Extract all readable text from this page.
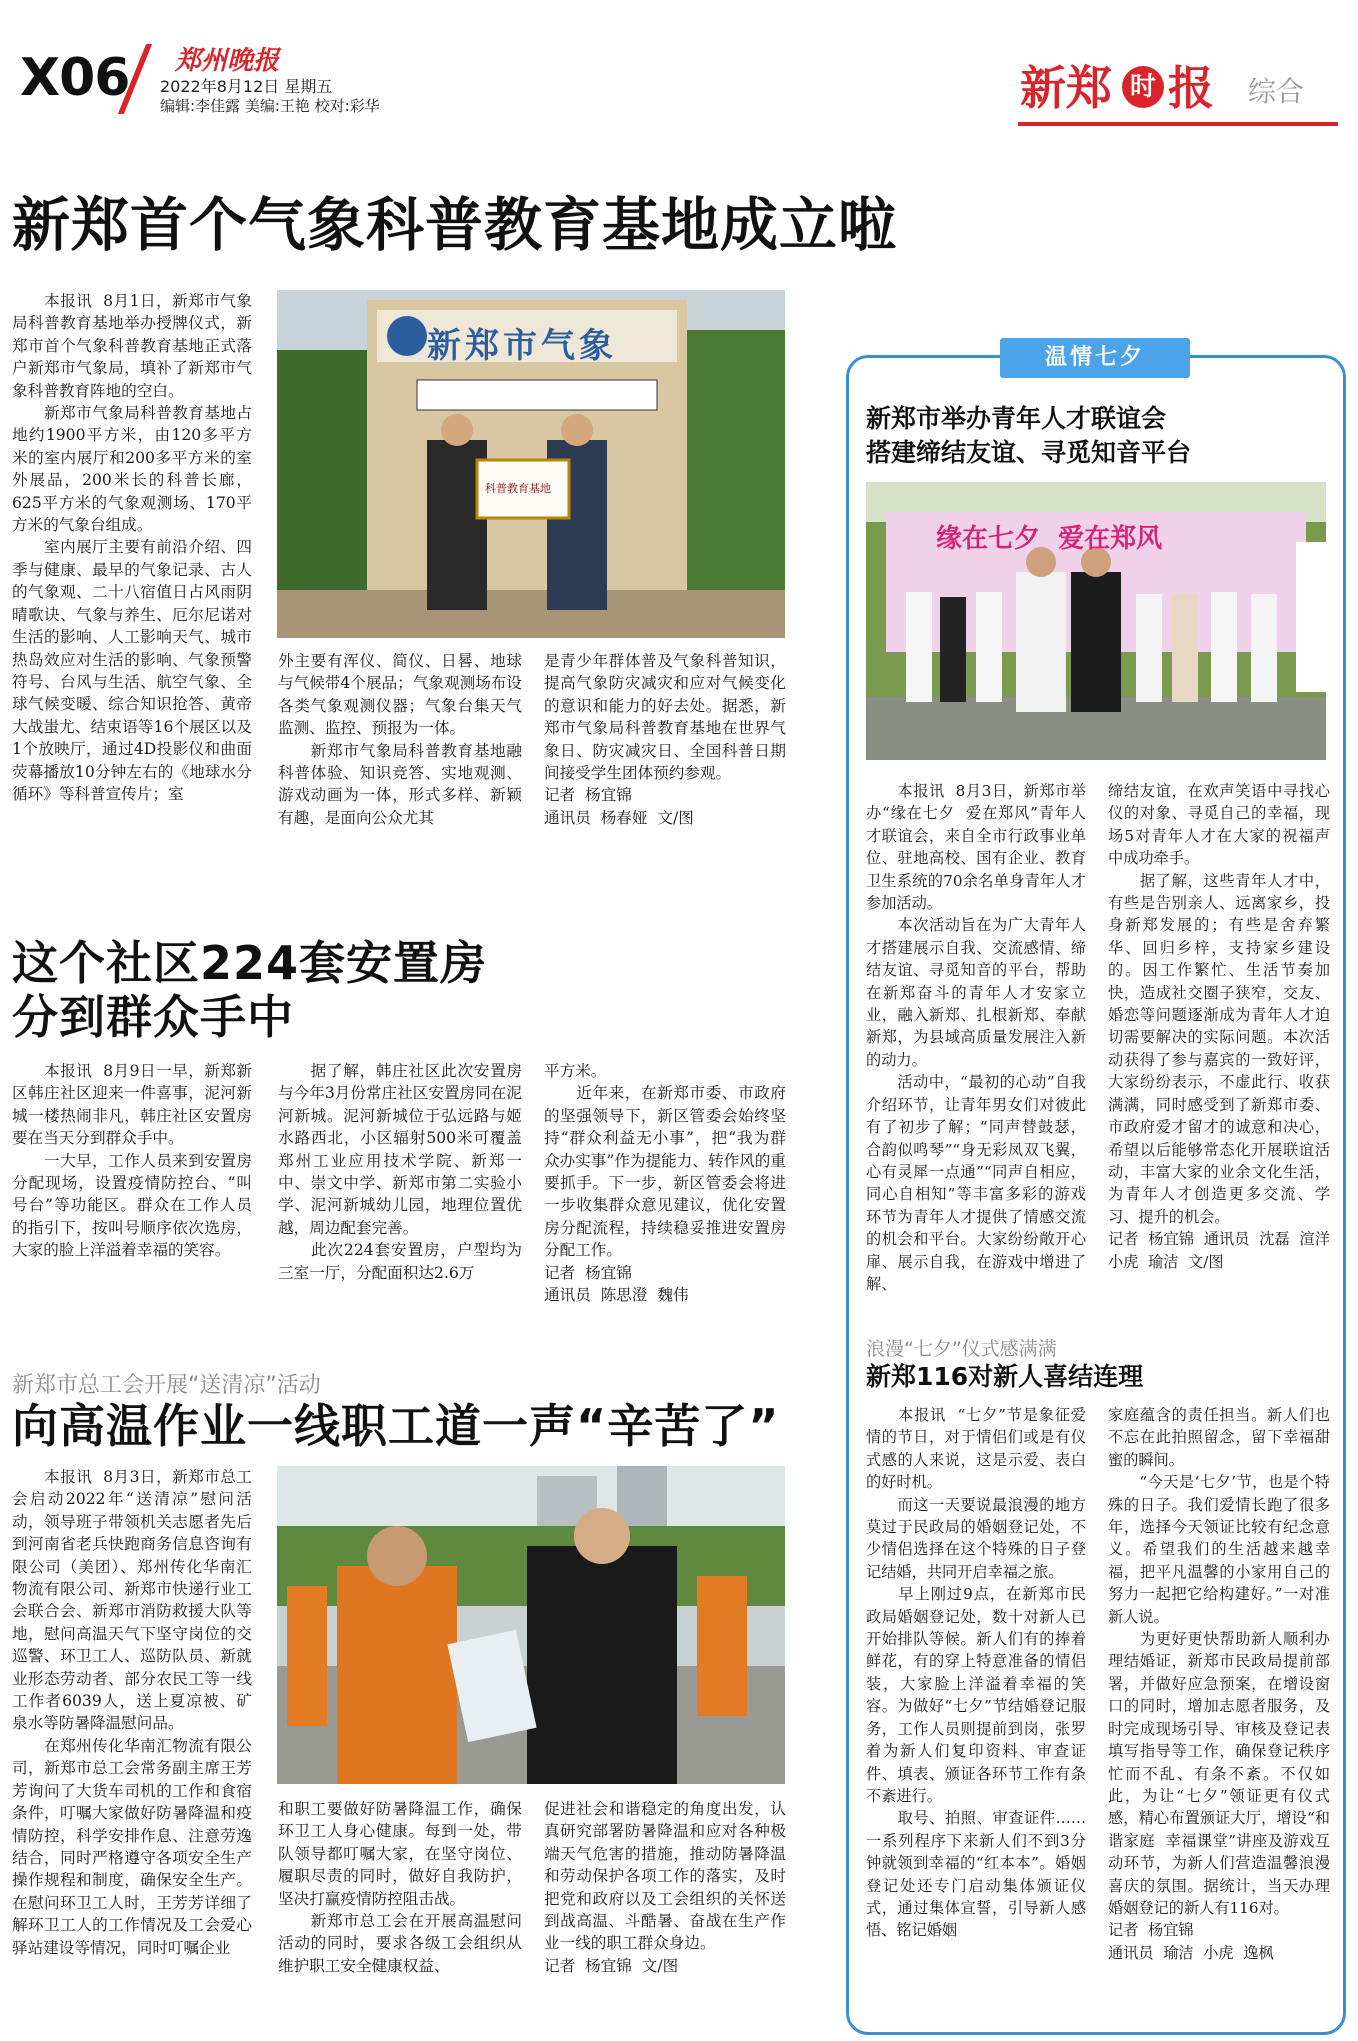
X06 郑州晚报
2022年8月12日 星期五
编辑:李佳露 美编:王艳 校对:彩华	新郑 时 报 综合
新郑首个气象科普教育基地成立啦
　　本报讯  8月1日，新郑市气象局科普教育基地举办授牌仪式，新郑市首个气象科普教育基地正式落户新郑市气象局，填补了新郑市气象科普教育阵地的空白。
　　新郑市气象局科普教育基地占地约1900平方米，由120多平方米的室内展厅和200多平方米的室外展品，200米长的科普长廊，625平方米的气象观测场、170平方米的气象台组成。
　　室内展厅主要有前沿介绍、四季与健康、最早的气象记录、古人的气象观、二十八宿值日占风雨阴晴歌诀、气象与养生、厄尔尼诺对生活的影响、人工影响天气、城市热岛效应对生活的影响、气象预警符号、台风与生活、航空气象、全球气候变暖、综合知识抢答、黄帝大战蚩尤、结束语等16个展区以及1个放映厅，通过4D投影仪和曲面荧幕播放10分钟左右的《地球水分循环》等科普宣传片；室
新郑市气象
科普教育基地
外主要有浑仪、简仪、日晷、地球与气候带4个展品；气象观测场布设各类气象观测仪器；气象台集天气监测、监控、预报为一体。
　　新郑市气象局科普教育基地融科普体验、知识竞答、实地观测、游戏动画为一体，形式多样、新颖有趣，是面向公众尤其
是青少年群体普及气象科普知识，提高气象防灾减灾和应对气候变化的意识和能力的好去处。据悉，新郑市气象局科普教育基地在世界气象日、防灾减灾日、全国科普日期间接受学生团体预约参观。
记者  杨宜锦
通讯员  杨春娅  文/图
这个社区224套安置房
分到群众手中
　　本报讯  8月9日一早，新郑新区韩庄社区迎来一件喜事，泥河新城一楼热闹非凡，韩庄社区安置房要在当天分到群众手中。
　　一大早，工作人员来到安置房分配现场，设置疫情防控台、“叫号台”等功能区。群众在工作人员的指引下，按叫号顺序依次选房，大家的脸上洋溢着幸福的笑容。
　　据了解，韩庄社区此次安置房与今年3月份常庄社区安置房同在泥河新城。泥河新城位于弘远路与姬水路西北，小区辐射500米可覆盖郑州工业应用技术学院、新郑一中、崇文中学、新郑市第二实验小学、泥河新城幼儿园，地理位置优越，周边配套完善。
　　此次224套安置房，户型均为三室一厅，分配面积达2.6万
平方米。
　　近年来，在新郑市委、市政府的坚强领导下，新区管委会始终坚持“群众利益无小事”，把“我为群众办实事”作为提能力、转作风的重要抓手。下一步，新区管委会将进一步收集群众意见建议，优化安置房分配流程，持续稳妥推进安置房分配工作。
记者  杨宜锦
通讯员  陈思澄  魏伟
新郑市总工会开展“送清凉”活动
向高温作业一线职工道一声“辛苦了”
　　本报讯  8月3日，新郑市总工会启动2022年“送清凉”慰问活动，领导班子带领机关志愿者先后到河南省老兵快跑商务信息咨询有限公司（美团）、郑州传化华南汇物流有限公司、新郑市快递行业工会联合会、新郑市消防救援大队等地，慰问高温天气下坚守岗位的交巡警、环卫工人、巡防队员、新就业形态劳动者、部分农民工等一线工作者6039人，送上夏凉被、矿泉水等防暑降温慰问品。
　　在郑州传化华南汇物流有限公司，新郑市总工会常务副主席王芳芳询问了大货车司机的工作和食宿条件，叮嘱大家做好防暑降温和疫情防控，科学安排作息、注意劳逸结合，同时严格遵守各项安全生产操作规程和制度，确保安全生产。在慰问环卫工人时，王芳芳详细了解环卫工人的工作情况及工会爱心驿站建设等情况，同时叮嘱企业
和职工要做好防暑降温工作，确保环卫工人身心健康。每到一处，带队领导都叮嘱大家，在坚守岗位、履职尽责的同时，做好自我防护，坚决打赢疫情防控阻击战。
　　新郑市总工会在开展高温慰问活动的同时，要求各级工会组织从维护职工安全健康权益、
促进社会和谐稳定的角度出发，认真研究部署防暑降温和应对各种极端天气危害的措施，推动防暑降温和劳动保护各项工作的落实，及时把党和政府以及工会组织的关怀送到战高温、斗酷暑、奋战在生产作业一线的职工群众身边。
记者  杨宜锦  文/图
温情七夕
新郑市举办青年人才联谊会
搭建缔结友谊、寻觅知音平台
缘在七夕  爱在郑风
　　本报讯  8月3日，新郑市举办“缘在七夕  爱在郑风”青年人才联谊会，来自全市行政事业单位、驻地高校、国有企业、教育卫生系统的70余名单身青年人才参加活动。
　　本次活动旨在为广大青年人才搭建展示自我、交流感情、缔结友谊、寻觅知音的平台，帮助在新郑奋斗的青年人才安家立业，融入新郑、扎根新郑、奉献新郑，为县域高质量发展注入新的动力。
　　活动中，“最初的心动”自我介绍环节，让青年男女们对彼此有了初步了解；“同声替鼓瑟，合韵似鸣琴”“身无彩凤双飞翼，心有灵犀一点通”“同声自相应，同心自相知”等丰富多彩的游戏环节为青年人才提供了情感交流的机会和平台。大家纷纷敞开心扉、展示自我，在游戏中增进了解、
缔结友谊，在欢声笑语中寻找心仪的对象、寻觅自己的幸福，现场5对青年人才在大家的祝福声中成功牵手。
　　据了解，这些青年人才中，有些是告别亲人、远离家乡，投身新郑发展的；有些是舍弃繁华、回归乡梓，支持家乡建设的。因工作繁忙、生活节奏加快，造成社交圈子狭窄，交友、婚恋等问题逐渐成为青年人才迫切需要解决的实际问题。本次活动获得了参与嘉宾的一致好评，大家纷纷表示，不虚此行、收获满满，同时感受到了新郑市委、市政府爱才留才的诚意和决心，希望以后能够常态化开展联谊活动，丰富大家的业余文化生活，为青年人才创造更多交流、学习、提升的机会。
记者  杨宜锦  通讯员  沈磊  渲洋  小虎  瑜洁  文/图
浪漫“七夕”仪式感满满
新郑116对新人喜结连理
　　本报讯  “七夕”节是象征爱情的节日，对于情侣们或是有仪式感的人来说，这是示爱、表白的好时机。
　　而这一天要说最浪漫的地方莫过于民政局的婚姻登记处，不少情侣选择在这个特殊的日子登记结婚，共同开启幸福之旅。
　　早上刚过9点，在新郑市民政局婚姻登记处，数十对新人已开始排队等候。新人们有的捧着鲜花，有的穿上特意准备的情侣装，大家脸上洋溢着幸福的笑容。为做好“七夕”节结婚登记服务，工作人员则提前到岗，张罗着为新人们复印资料、审查证件、填表、颁证各环节工作有条不紊进行。
　　取号、拍照、审查证件……一系列程序下来新人们不到3分钟就领到幸福的“红本本”。婚姻登记处还专门启动集体颁证仪式，通过集体宣誓，引导新人感悟、铭记婚姻
家庭蕴含的责任担当。新人们也不忘在此拍照留念，留下幸福甜蜜的瞬间。
　　“今天是‘七夕’节，也是个特殊的日子。我们爱情长跑了很多年，选择今天领证比较有纪念意义。希望我们的生活越来越幸福，把平凡温馨的小家用自己的努力一起把它给构建好。”一对准新人说。
　　为更好更快帮助新人顺利办理结婚证，新郑市民政局提前部署，并做好应急预案，在增设窗口的同时，增加志愿者服务，及时完成现场引导、审核及登记表填写指导等工作，确保登记秩序忙而不乱、有条不紊。不仅如此，为让“七夕”领证更有仪式感，精心布置颁证大厅，增设“和谐家庭  幸福课堂”讲座及游戏互动环节，为新人们营造温馨浪漫喜庆的氛围。据统计，当天办理婚姻登记的新人有116对。
记者  杨宜锦
通讯员  瑜洁  小虎  逸枫
